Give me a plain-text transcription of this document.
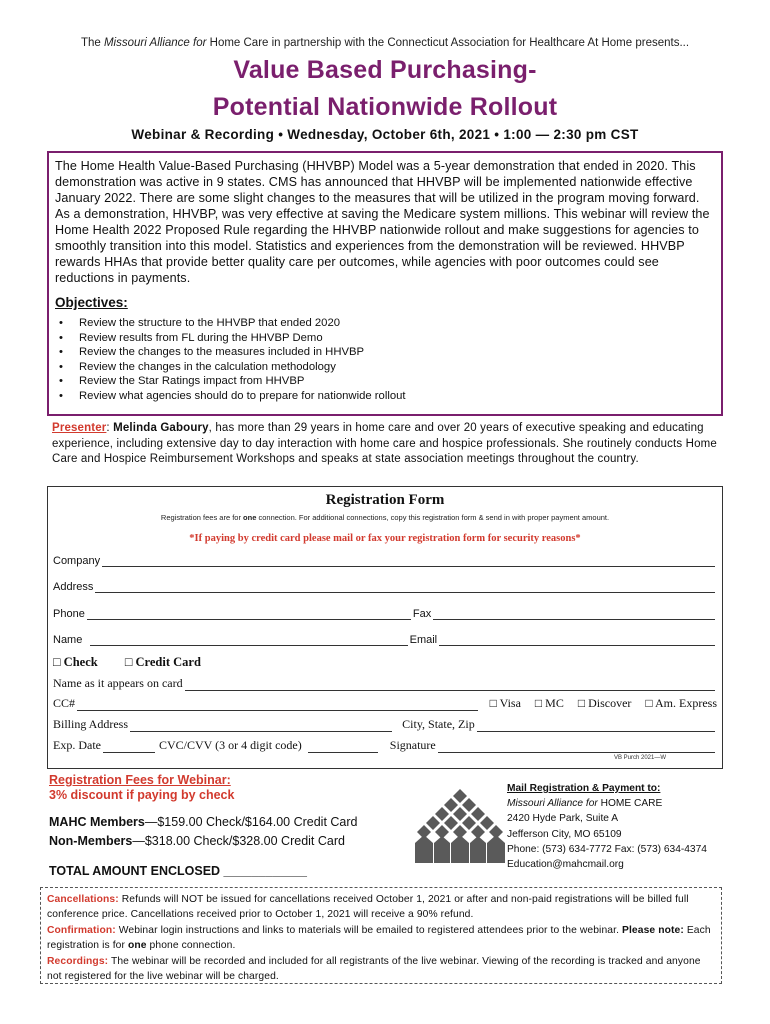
The Missouri Alliance for Home Care in partnership with the Connecticut Association for Healthcare At Home presents...
Value Based Purchasing-
Potential Nationwide Rollout
Webinar & Recording • Wednesday, October 6th, 2021 • 1:00 — 2:30 pm CST

The Home Health Value-Based Purchasing (HHVBP) Model was a 5-year demonstration that ended in 2020. This demonstration was active in 9 states. CMS has announced that HHVBP will be implemented nationwide effective January 2022. There are some slight changes to the measures that will be utilized in the program moving forward. As a demonstration, HHVBP, was very effective at saving the Medicare system millions. This webinar will review the Home Health 2022 Proposed Rule regarding the HHVBP nationwide rollout and make suggestions for agencies to smoothly transition into this model. Statistics and experiences from the demonstration will be reviewed. HHVBP rewards HHAs that provide better quality care per outcomes, while agencies with poor outcomes could see reductions in payments.

Objectives:
• Review the structure to the HHVBP that ended 2020
• Review results from FL during the HHVBP Demo
• Review the changes to the measures included in HHVBP
• Review the changes in the calculation methodology
• Review the Star Ratings impact from HHVBP
• Review what agencies should do to prepare for nationwide rollout
Presenter: Melinda Gaboury, has more than 29 years in home care and over 20 years of executive speaking and educating experience, including extensive day to day interaction with home care and hospice professionals. She routinely conducts Home Care and Hospice Reimbursement Workshops and speaks at state association meetings throughout the country.
Registration Form
Registration fees are for one connection. For additional connections, copy this registration form & send in with proper payment amount.
*If paying by credit card please mail or fax your registration form for security reasons*
Company
Address
Phone	Fax
Name	Email
□ Check □ Credit Card
Name as it appears on card
CC#	□ Visa □ MC □ Discover □ Am. Express
Billing Address	City, State, Zip
Exp. Date	CVC/CVV (3 or 4 digit code)	Signature
VB Purch 2021—W
Registration Fees for Webinar:
3% discount if paying by check
MAHC Members—$159.00 Check/$164.00 Credit Card
Non-Members—$318.00 Check/$328.00 Credit Card
TOTAL AMOUNT ENCLOSED ____________
Mail Registration & Payment to:
Missouri Alliance for HOME CARE
2420 Hyde Park, Suite A
Jefferson City, MO 65109
Phone: (573) 634-7772 Fax: (573) 634-4374
Education@mahcmail.org
Cancellations: Refunds will NOT be issued for cancellations received October 1, 2021 or after and non-paid registrations will be billed full conference price. Cancellations received prior to October 1, 2021 will receive a 90% refund.
Confirmation: Webinar login instructions and links to materials will be emailed to registered attendees prior to the webinar. Please note: Each registration is for one phone connection.
Recordings: The webinar will be recorded and included for all registrants of the live webinar. Viewing of the recording is tracked and anyone not registered for the live webinar will be charged.
